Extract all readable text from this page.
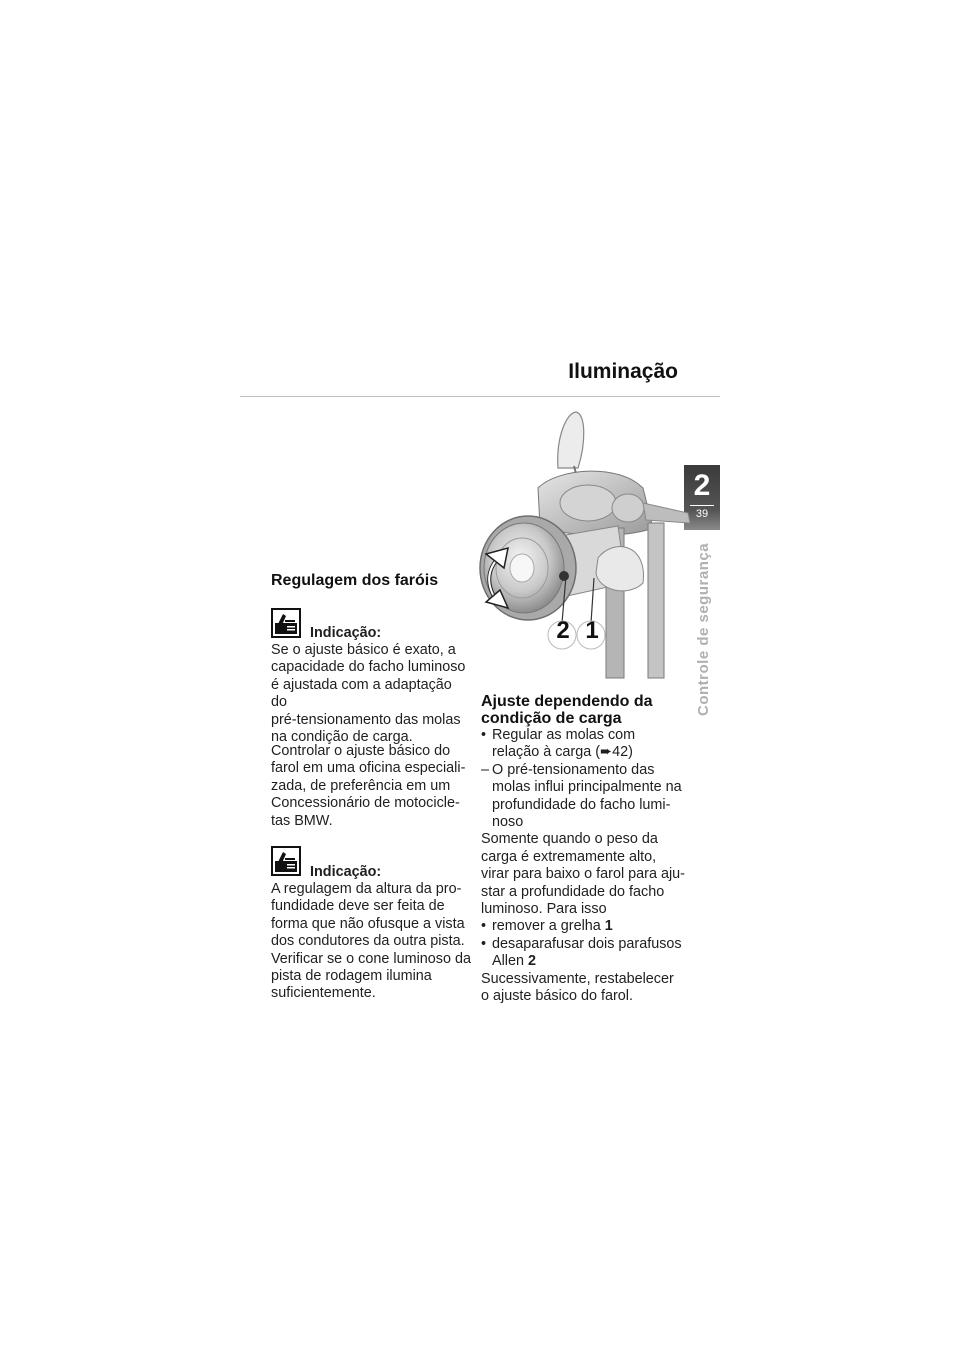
Iluminação
2
39
Controle de segurança
Regulagem dos faróis
Indicação:
Se o ajuste básico é exato, a
capacidade do facho luminoso
é ajustada com a adaptação do
pré-tensionamento das molas
na condição de carga.
Controlar o ajuste básico do
farol em uma oficina especiali-
zada, de preferência em um
Concessionário de motocicle-
tas BMW.
Indicação:
A regulagem da altura da pro-
fundidade deve ser feita de
forma que não ofusque a vista
dos condutores da outra pista.
Verificar se o cone luminoso da
pista de rodagem ilumina
suficientemente.
2 1
Ajuste dependendo da
condição de carga
• Regular as molas com
relação à carga (➨42)
– O pré-tensionamento das
molas influi principalmente na
profundidade do facho lumi-
noso
Somente quando o peso da
carga é extremamente alto,
virar para baixo o farol para aju-
star a profundidade do facho
luminoso. Para isso
• remover a grelha 1
• desaparafusar dois parafusos
Allen 2
Sucessivamente, restabelecer
o ajuste básico do farol.
